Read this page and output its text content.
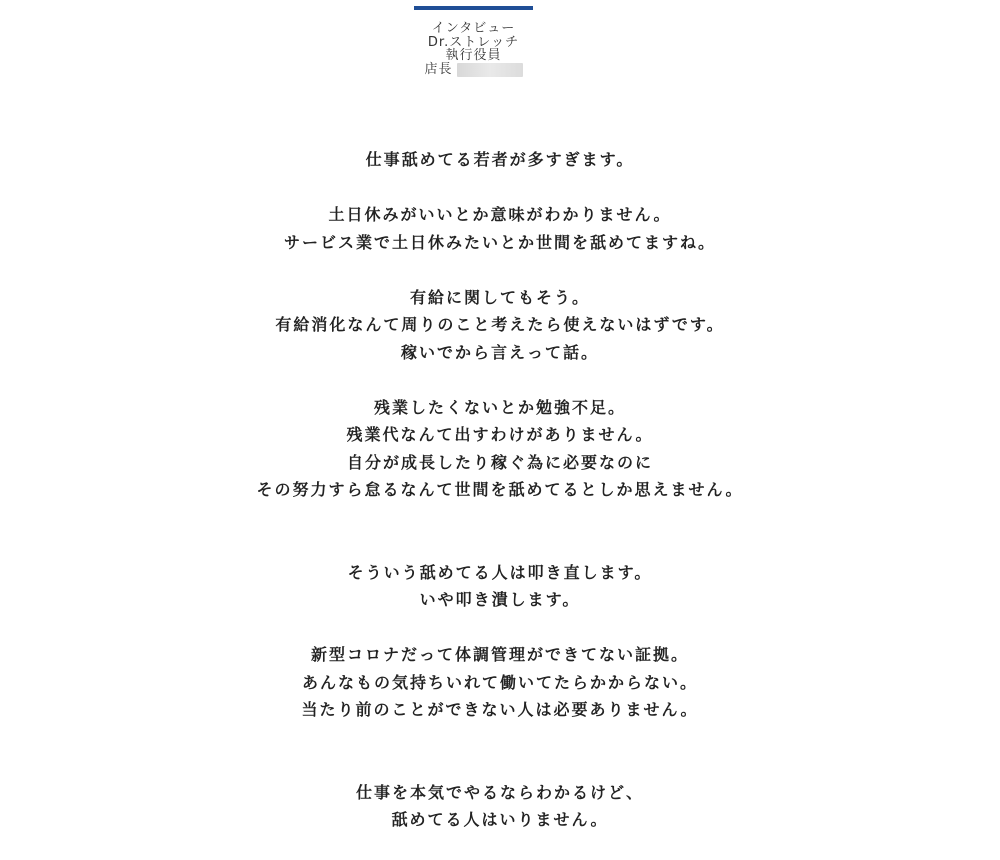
インタビュー
Dr.ストレッチ
執行役員
店長
仕事舐めてる若者が多すぎます。
土日休みがいいとか意味がわかりません。
サービス業で土日休みたいとか世間を舐めてますね。
有給に関してもそう。
有給消化なんて周りのこと考えたら使えないはずです。
稼いでから言えって話。
残業したくないとか勉強不足。
残業代なんて出すわけがありません。
自分が成長したり稼ぐ為に必要なのに
その努力すら怠るなんて世間を舐めてるとしか思えません。
そういう舐めてる人は叩き直します。
いや叩き潰します。
新型コロナだって体調管理ができてない証拠。
あんなもの気持ちいれて働いてたらかからない。
当たり前のことができない人は必要ありません。
仕事を本気でやるならわかるけど、
舐めてる人はいりません。
